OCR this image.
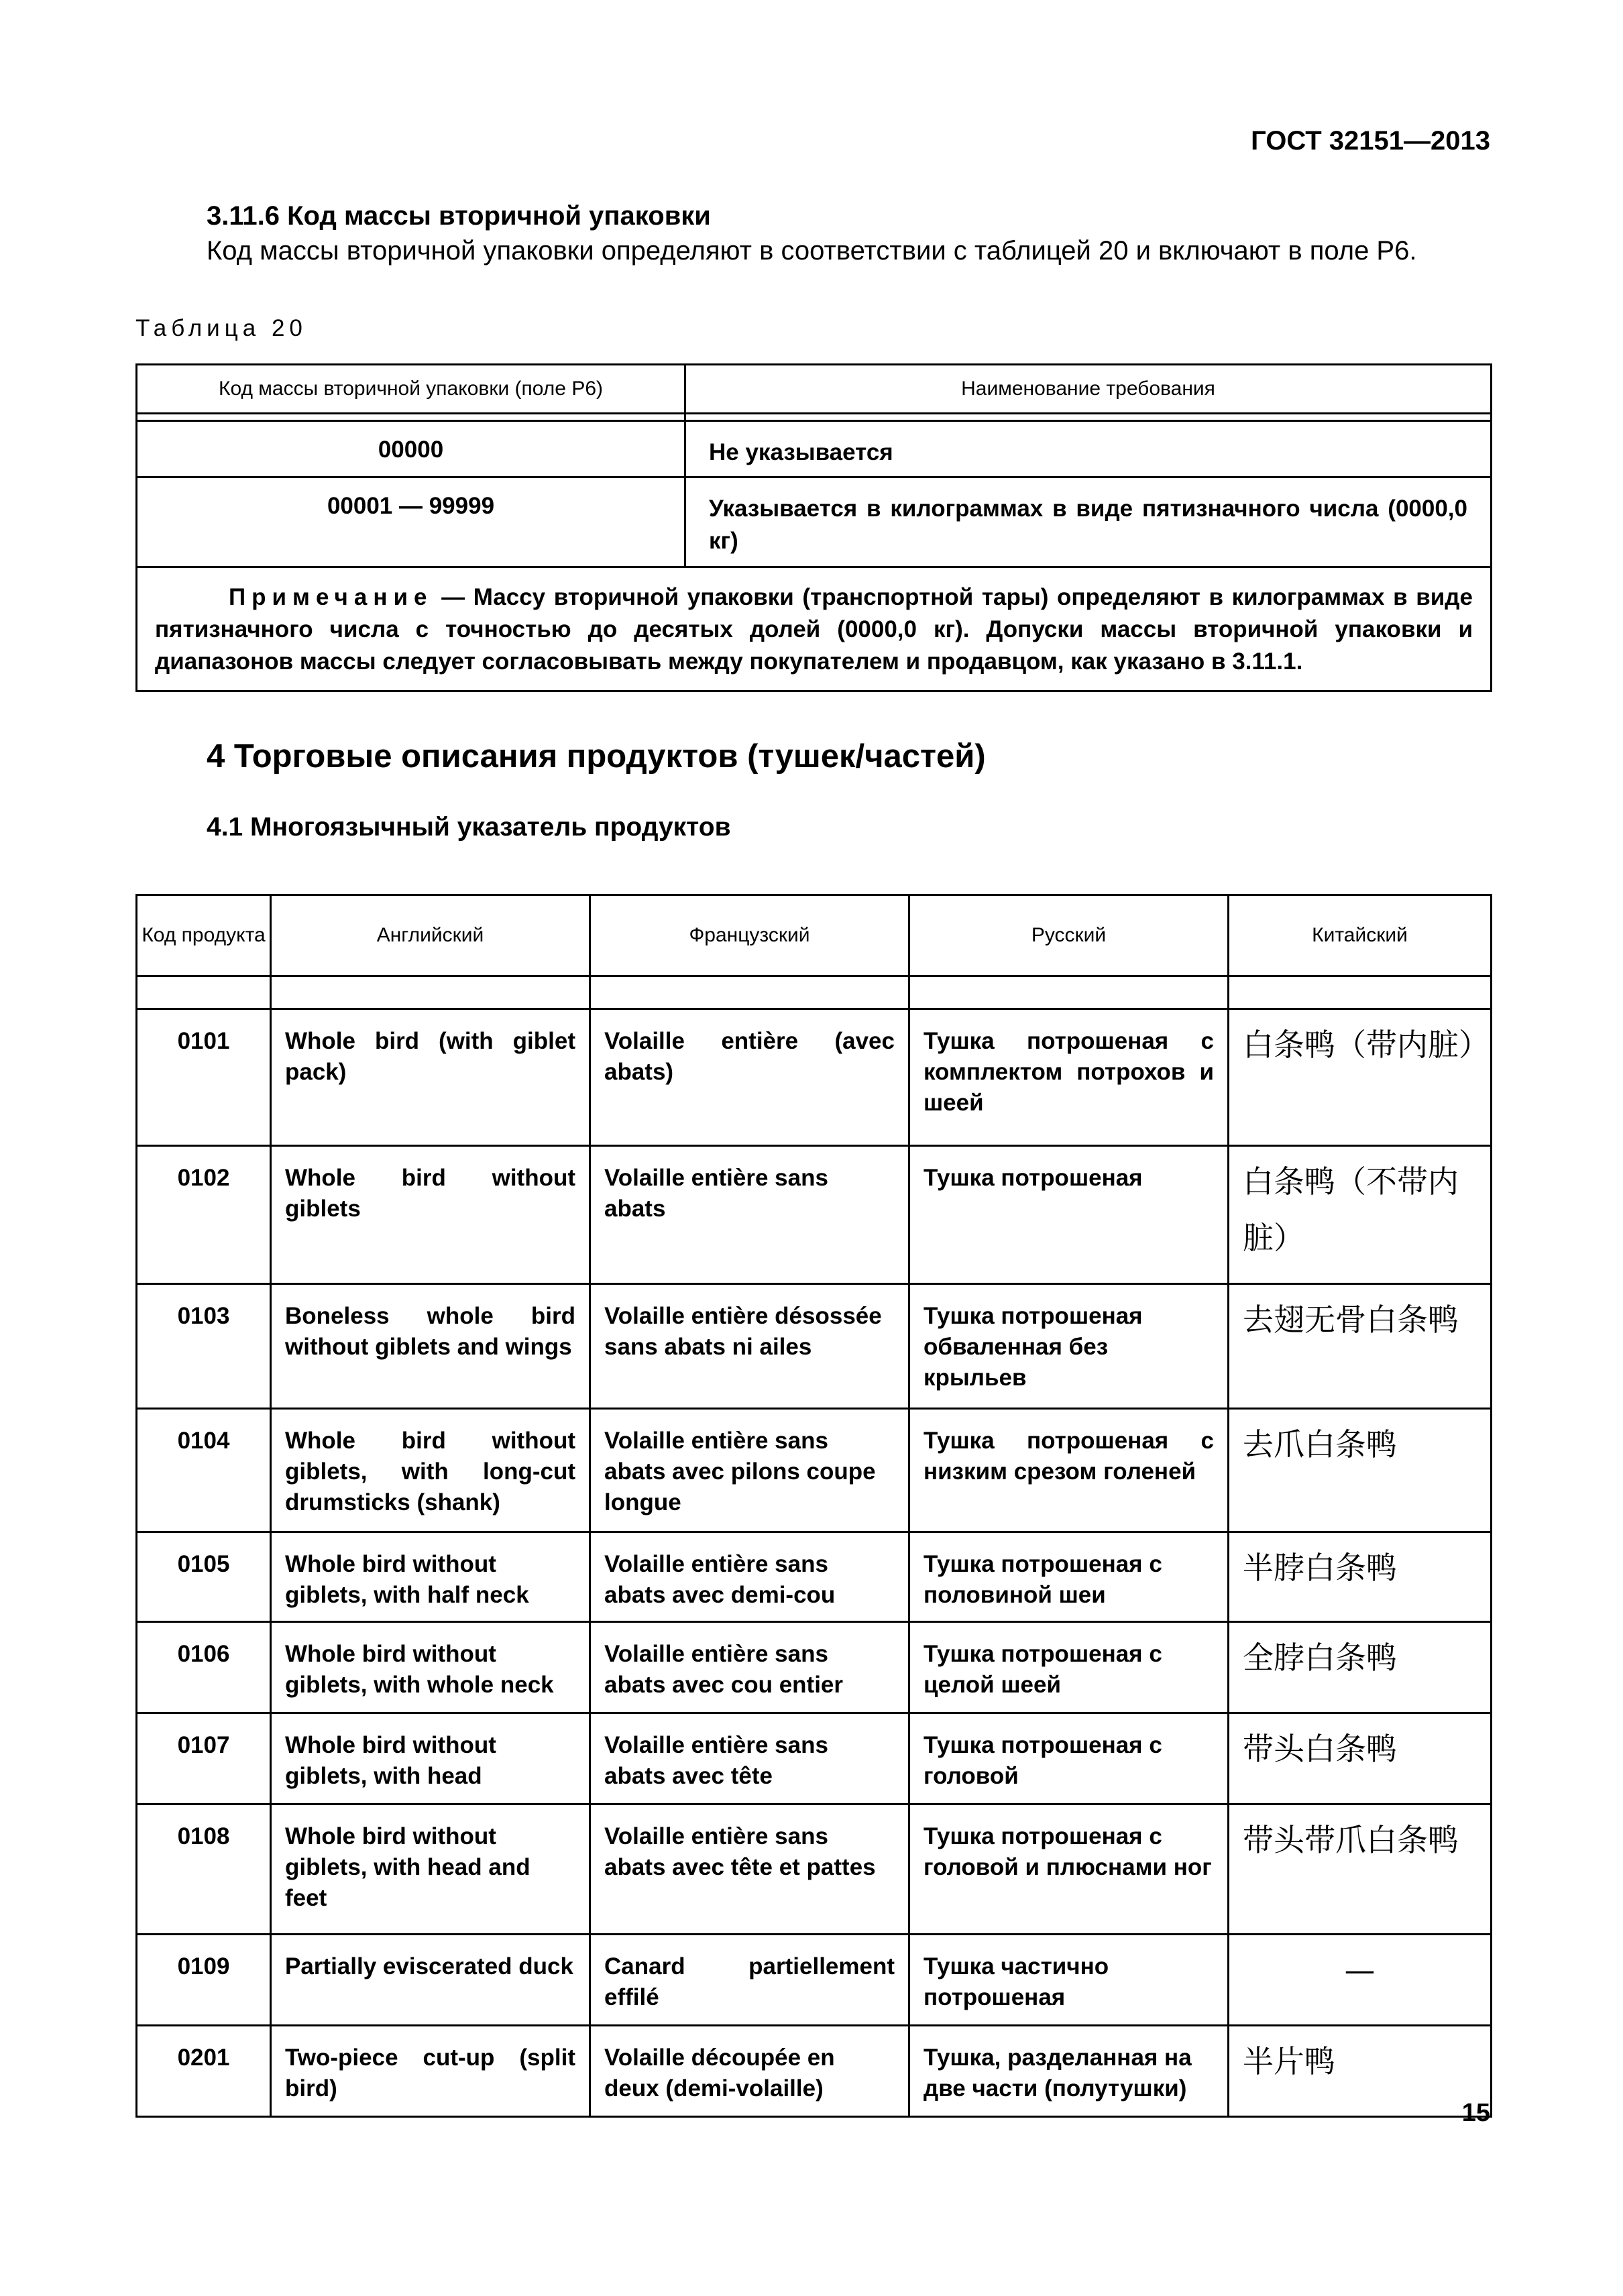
ГОСТ 32151—2013
3.11.6 Код массы вторичной упаковки
Код массы вторичной упаковки определяют в соответствии с таблицей 20 и включают в поле P6.
Таблица 20
Код массы вторичной упаковки (поле P6)	Наименование требования

00000	Не указывается
00001 — 99999	Указывается в килограммах в виде пятизначного числа (0000,0 кг)
Примечание — Массу вторичной упаковки (транспортной тары) определяют в килограммах в виде пятизначного числа с точностью до десятых долей (0000,0 кг). Допуски массы вторичной упаковки и диапазонов массы следует согласовывать между покупателем и продавцом, как указано в 3.11.1.	
4 Торговые описания продуктов (тушек/частей)
4.1 Многоязычный указатель продуктов
Код продукта	Английский	Французский	Русский	Китайский

0101	Whole bird (with giblet pack)	Volaille entière (avec abats)	Тушка потрошеная с комплектом потрохов и шеей	白条鸭（带内脏）
0102	Whole bird without giblets	Volaille entière sans abats	Тушка потрошеная	白条鸭（不带内脏）
0103	Boneless whole bird without giblets and wings	Volaille entière désossée sans abats ni ailes	Тушка потрошеная обваленная без крыльев	去翅无骨白条鸭
0104	Whole bird without giblets, with long-cut drumsticks (shank)	Volaille entière sans abats avec pilons coupe longue	Тушка потрошеная с низким срезом голеней	去爪白条鸭
0105	Whole bird without giblets, with half neck	Volaille entière sans abats avec demi-cou	Тушка потрошеная с половиной шеи	半脖白条鸭
0106	Whole bird without giblets, with whole neck	Volaille entière sans abats avec cou entier	Тушка потрошеная с целой шеей	全脖白条鸭
0107	Whole bird without giblets, with head	Volaille entière sans abats avec tête	Тушка потрошеная с головой	带头白条鸭
0108	Whole bird without giblets, with head and feet	Volaille entière sans abats avec tête et pattes	Тушка потрошеная с головой и плюснами ног	带头带爪白条鸭
0109	Partially eviscerated duck	Canard partiellement effilé	Тушка частично потрошеная	—
0201	Two-piece cut-up (split bird)	Volaille découpée en deux (demi-volaille)	Тушка, разделанная на две части (полутушки)	半片鸭
15
